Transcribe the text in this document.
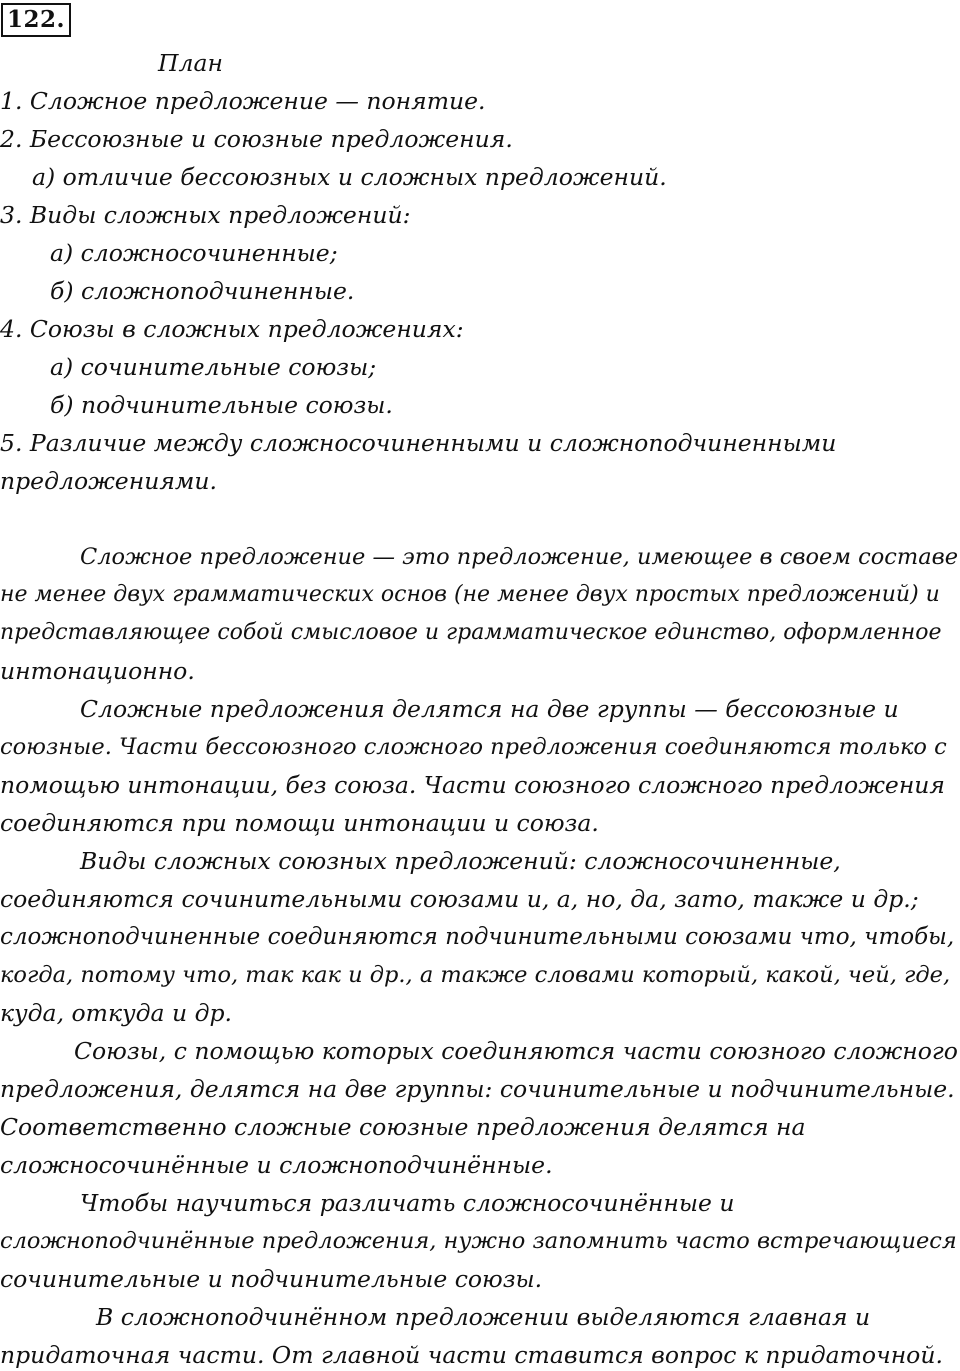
122.
План
1. Сложное предложение — понятие.
2. Бессоюзные и союзные предложения.
а) отличие бессоюзных и сложных предложений.
3. Виды сложных предложений:
а) сложносочиненные;
б) сложноподчиненные.
4. Союзы в сложных предложениях:
а) сочинительные союзы;
б) подчинительные союзы.
5. Различие между сложносочиненными и сложноподчиненными
предложениями.
Сложное предложение — это предложение, имеющее в своем составе
не менее двух грамматических основ (не менее двух простых предложений) и
представляющее собой смысловое и грамматическое единство, оформленное
интонационно.
Сложные предложения делятся на две группы — бессоюзные и
союзные. Части бессоюзного сложного предложения соединяются только с
помощью интонации, без союза. Части союзного сложного предложения
соединяются при помощи интонации и союза.
Виды сложных союзных предложений: сложносочиненные,
соединяются сочинительными союзами и, а, но, да, зато, также и др.;
сложноподчиненные соединяются подчинительными союзами что, чтобы,
когда, потому что, так как и др., а также словами который, какой, чей, где,
куда, откуда и др.
Союзы, с помощью которых соединяются части союзного сложного
предложения, делятся на две группы: сочинительные и подчинительные.
Соответственно сложные союзные предложения делятся на
сложносочинённые и сложноподчинённые.
Чтобы научиться различать сложносочинённые и
сложноподчинённые предложения, нужно запомнить часто встречающиеся
сочинительные и подчинительные союзы.
В сложноподчинённом предложении выделяются главная и
придаточная части. От главной части ставится вопрос к придаточной.
